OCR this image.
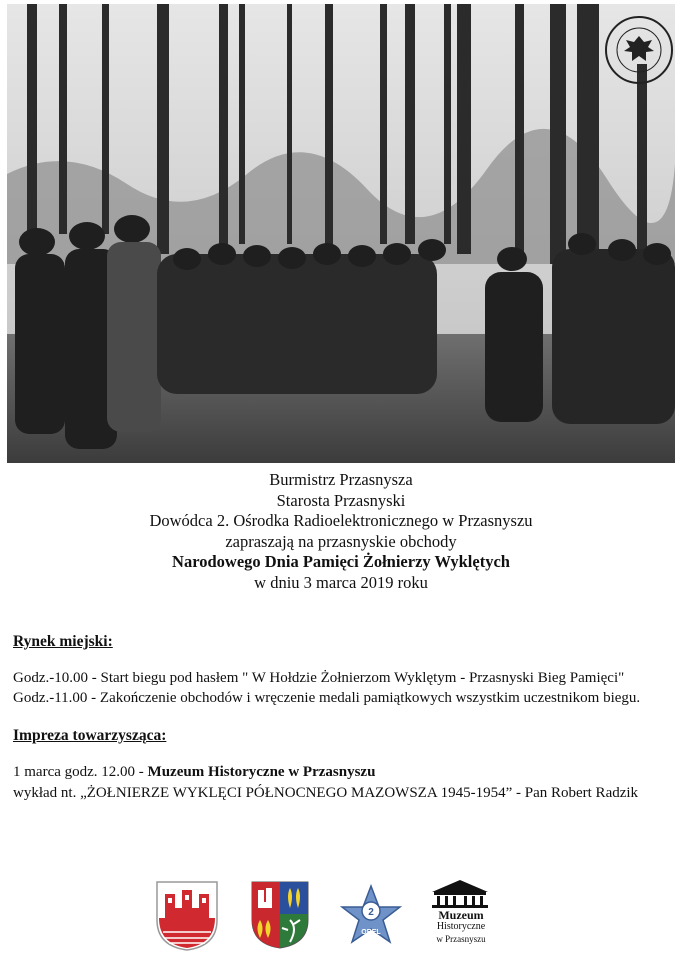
Burmistrz Przasnysza
Starosta Przasnyski
Dowódca 2. Ośrodka Radioelektronicznego w Przasnyszu
zapraszają na przasnyskie obchody
Narodowego Dnia Pamięci Żołnierzy Wyklętych
w dniu 3 marca 2019 roku
Rynek miejski:
Godz.-10.00 - Start biegu pod hasłem " W Hołdzie Żołnierzom Wyklętym - Przasnyski Bieg Pamięci"
Godz.-11.00 - Zakończenie obchodów i wręczenie medali pamiątkowych wszystkim uczestnikom biegu.
Impreza towarzysząca:
1 marca godz. 12.00 - Muzeum Historyczne w Przasnyszu
wykład nt. „ŻOŁNIERZE WYKLĘCI PÓŁNOCNEGO MAZOWSZA 1945-1954” - Pan Robert Radzik
2
OREL
Muzeum
Historyczne
w Przasnyszu
